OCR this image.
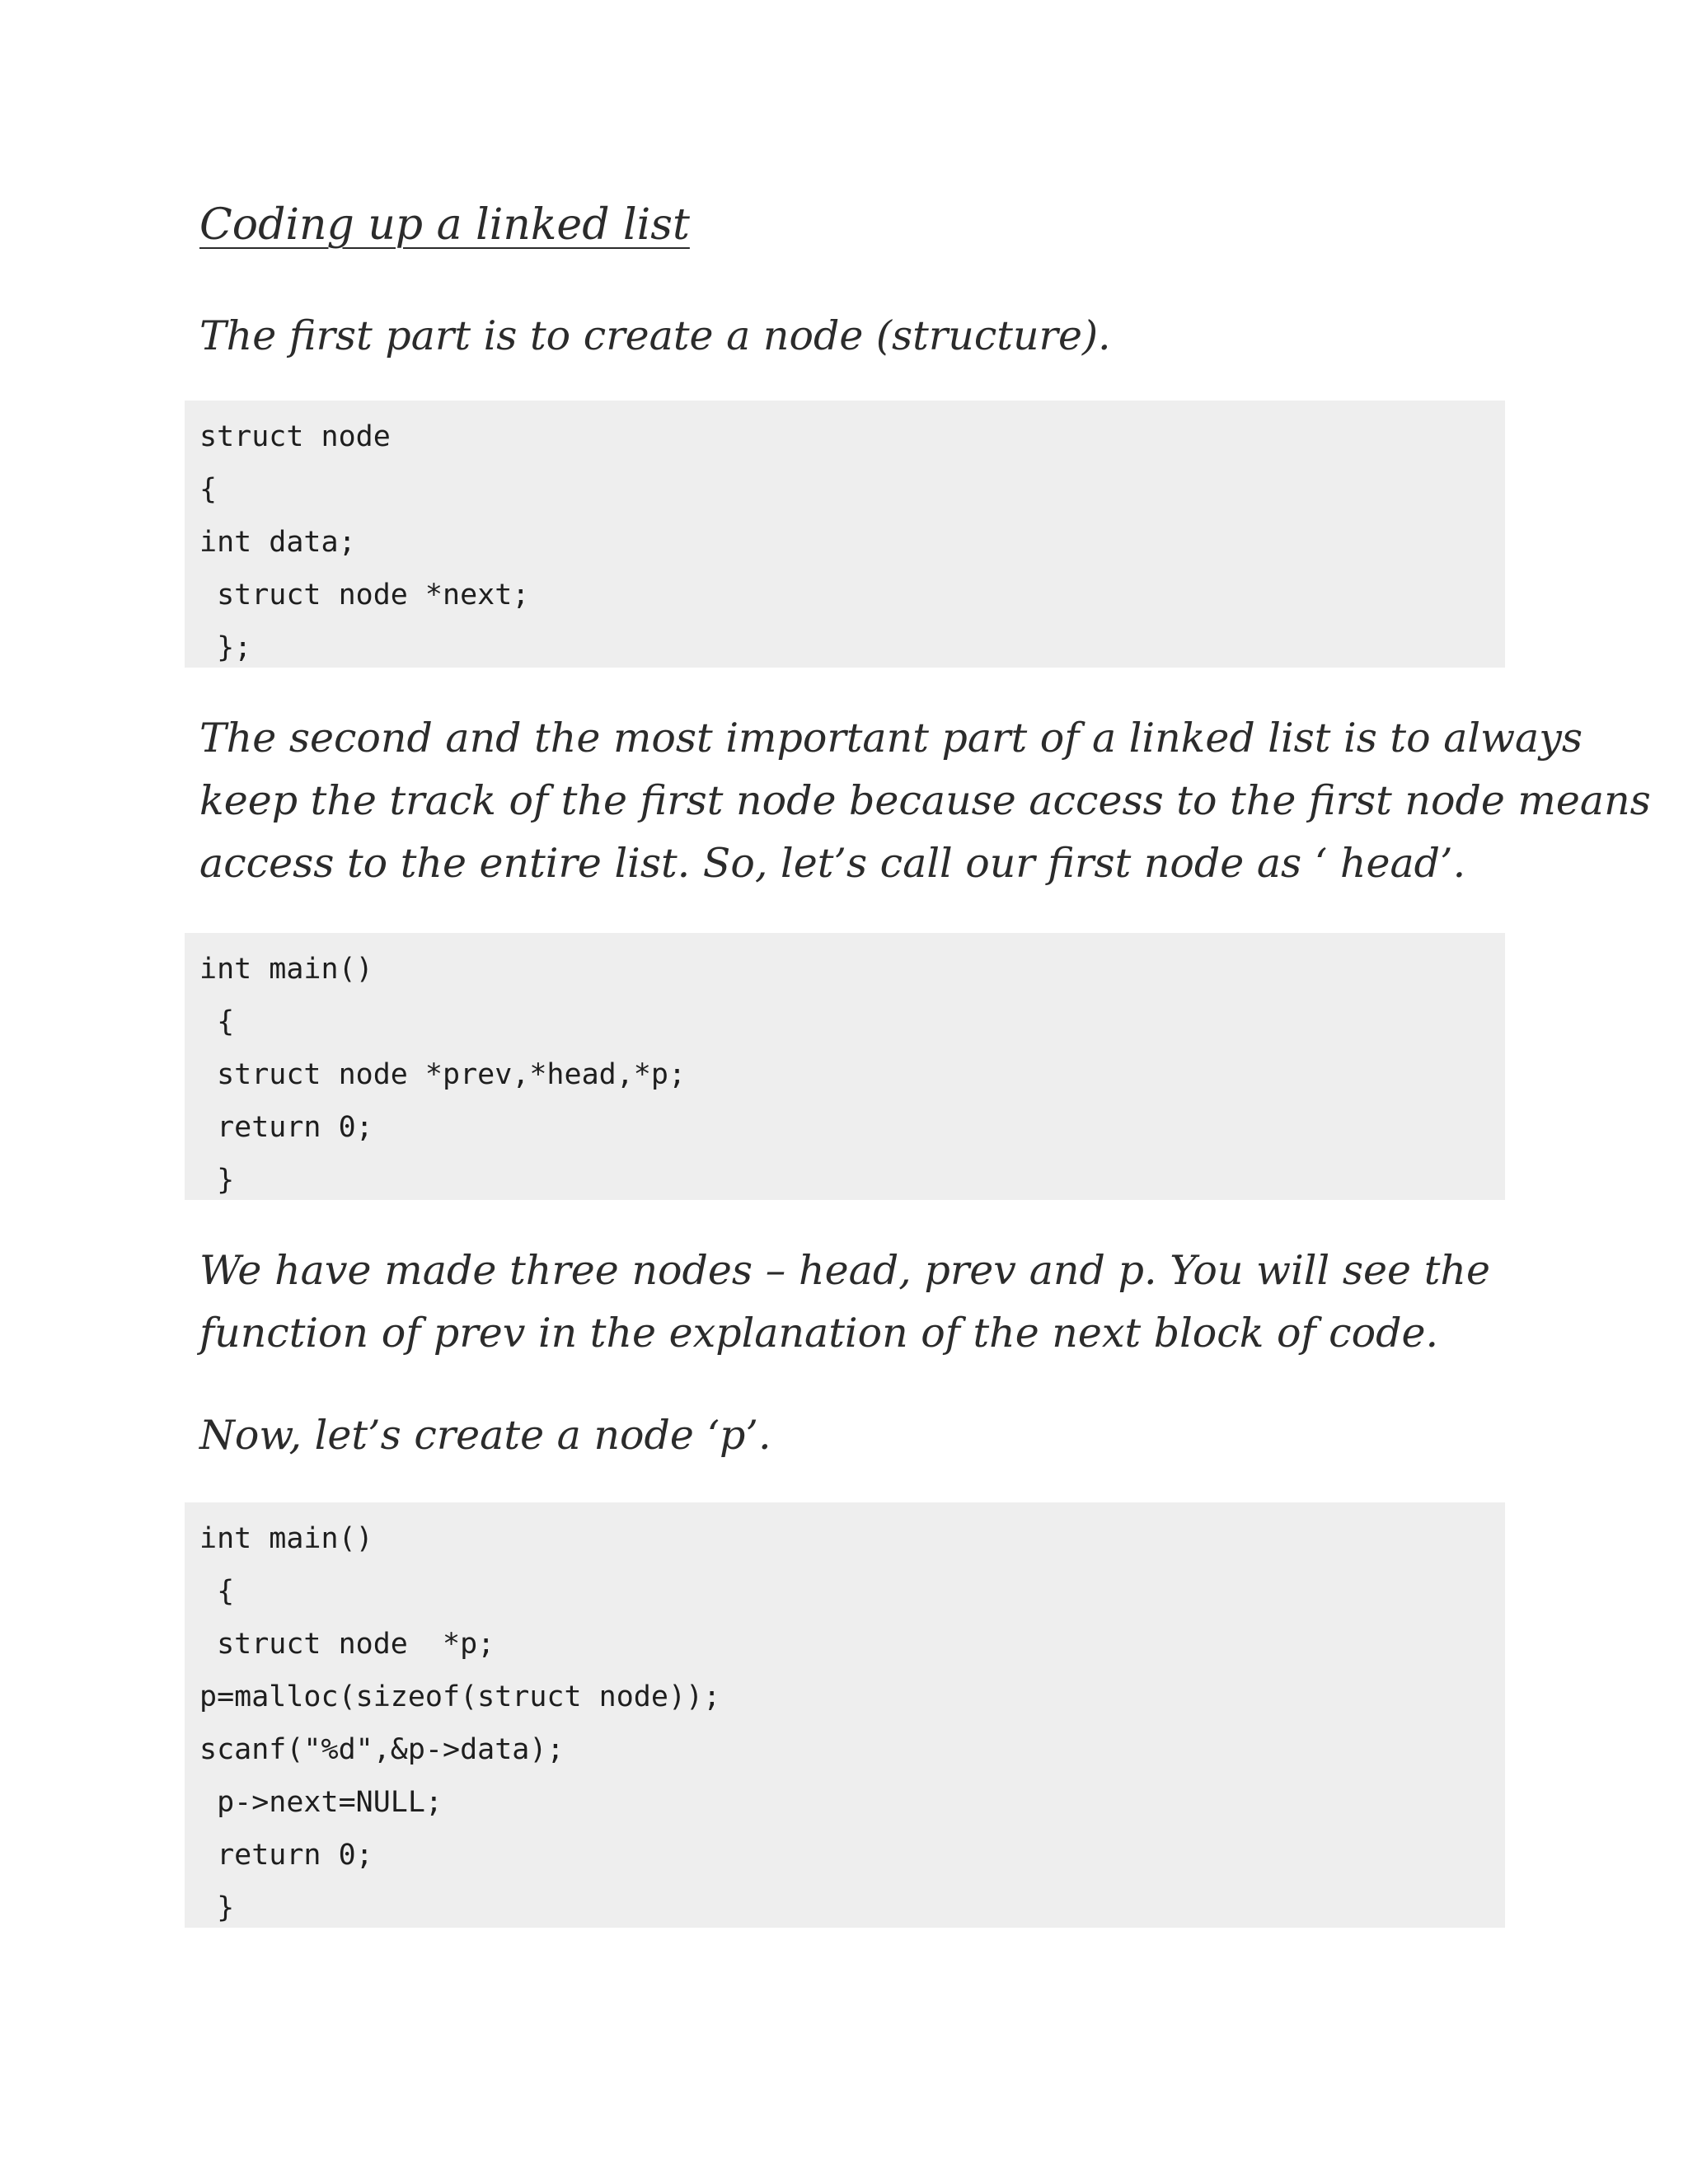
Coding up a linked list

The first part is to create a node (structure).

struct node
{
int data;
struct node *next;
};

The second and the most important part of a linked list is to always
keep the track of the first node because access to the first node means
access to the entire list. So, let’s call our first node as ‘ head’.

int main()
{
struct node *prev,*head,*p;
return 0;
}

We have made three nodes – head, prev and p. You will see the
function of prev in the explanation of the next block of code.

Now, let’s create a node ‘p’.

int main()
{
struct node  *p;
p=malloc(sizeof(struct node));
scanf("%d",&p->data);
p->next=NULL;
return 0;
}
